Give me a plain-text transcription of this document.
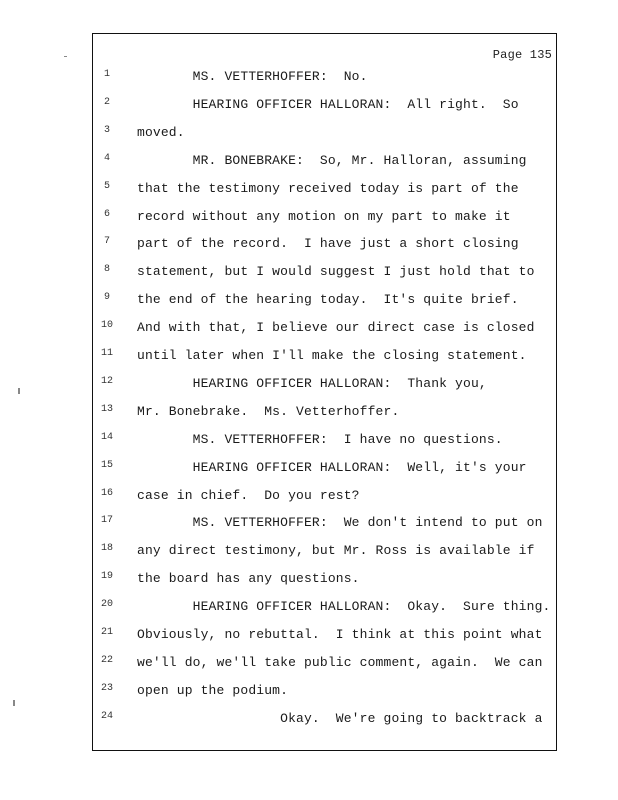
Page 135
1	MS. VETTERHOFFER:  No.
2	HEARING OFFICER HALLORAN:  All right.  So
3	moved.
4	MR. BONEBRAKE:  So, Mr. Halloran, assuming
5	that the testimony received today is part of the
6	record without any motion on my part to make it
7	part of the record.  I have just a short closing
8	statement, but I would suggest I just hold that to
9	the end of the hearing today.  It's quite brief.
10	And with that, I believe our direct case is closed
11	until later when I'll make the closing statement.
12	HEARING OFFICER HALLORAN:  Thank you,
13	Mr. Bonebrake.  Ms. Vetterhoffer.
14	MS. VETTERHOFFER:  I have no questions.
15	HEARING OFFICER HALLORAN:  Well, it's your
16	case in chief.  Do you rest?
17	MS. VETTERHOFFER:  We don't intend to put on
18	any direct testimony, but Mr. Ross is available if
19	the board has any questions.
20	HEARING OFFICER HALLORAN:  Okay.  Sure thing.
21	Obviously, no rebuttal.  I think at this point what
22	we'll do, we'll take public comment, again.  We can
23	open up the podium.
24	Okay.  We're going to backtrack a
